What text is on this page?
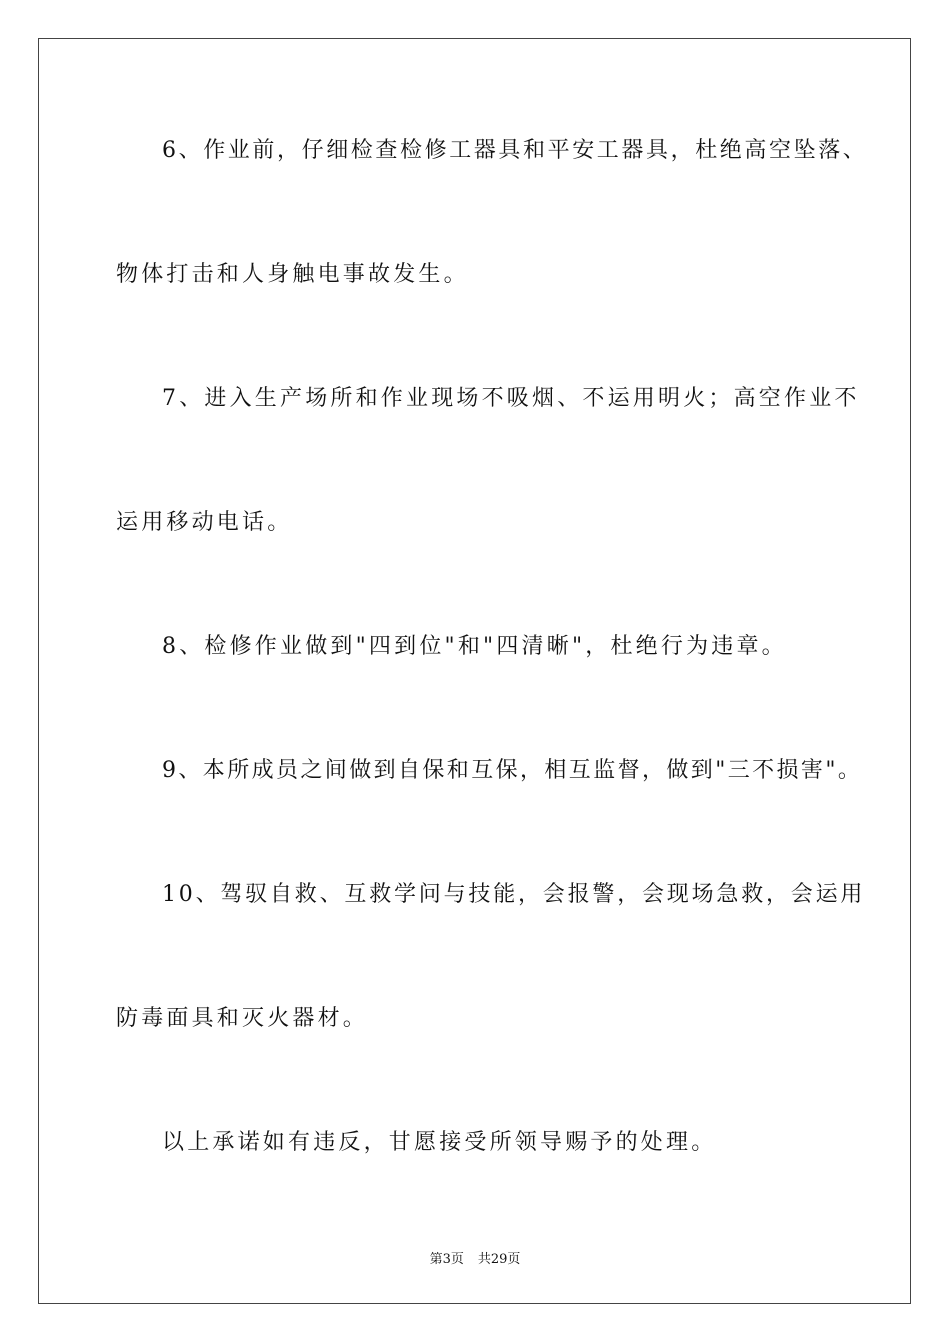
6、作业前，仔细检查检修工器具和平安工器具，杜绝高空坠落、

物体打击和人身触电事故发生。

7、进入生产场所和作业现场不吸烟、不运用明火；高空作业不

运用移动电话。

8、检修作业做到"四到位"和"四清晰"，杜绝行为违章。

9、本所成员之间做到自保和互保，相互监督，做到"三不损害"。

10、驾驭自救、互救学问与技能，会报警，会现场急救，会运用

防毒面具和灭火器材。

以上承诺如有违反，甘愿接受所领导赐予的处理。

第3页 共29页
